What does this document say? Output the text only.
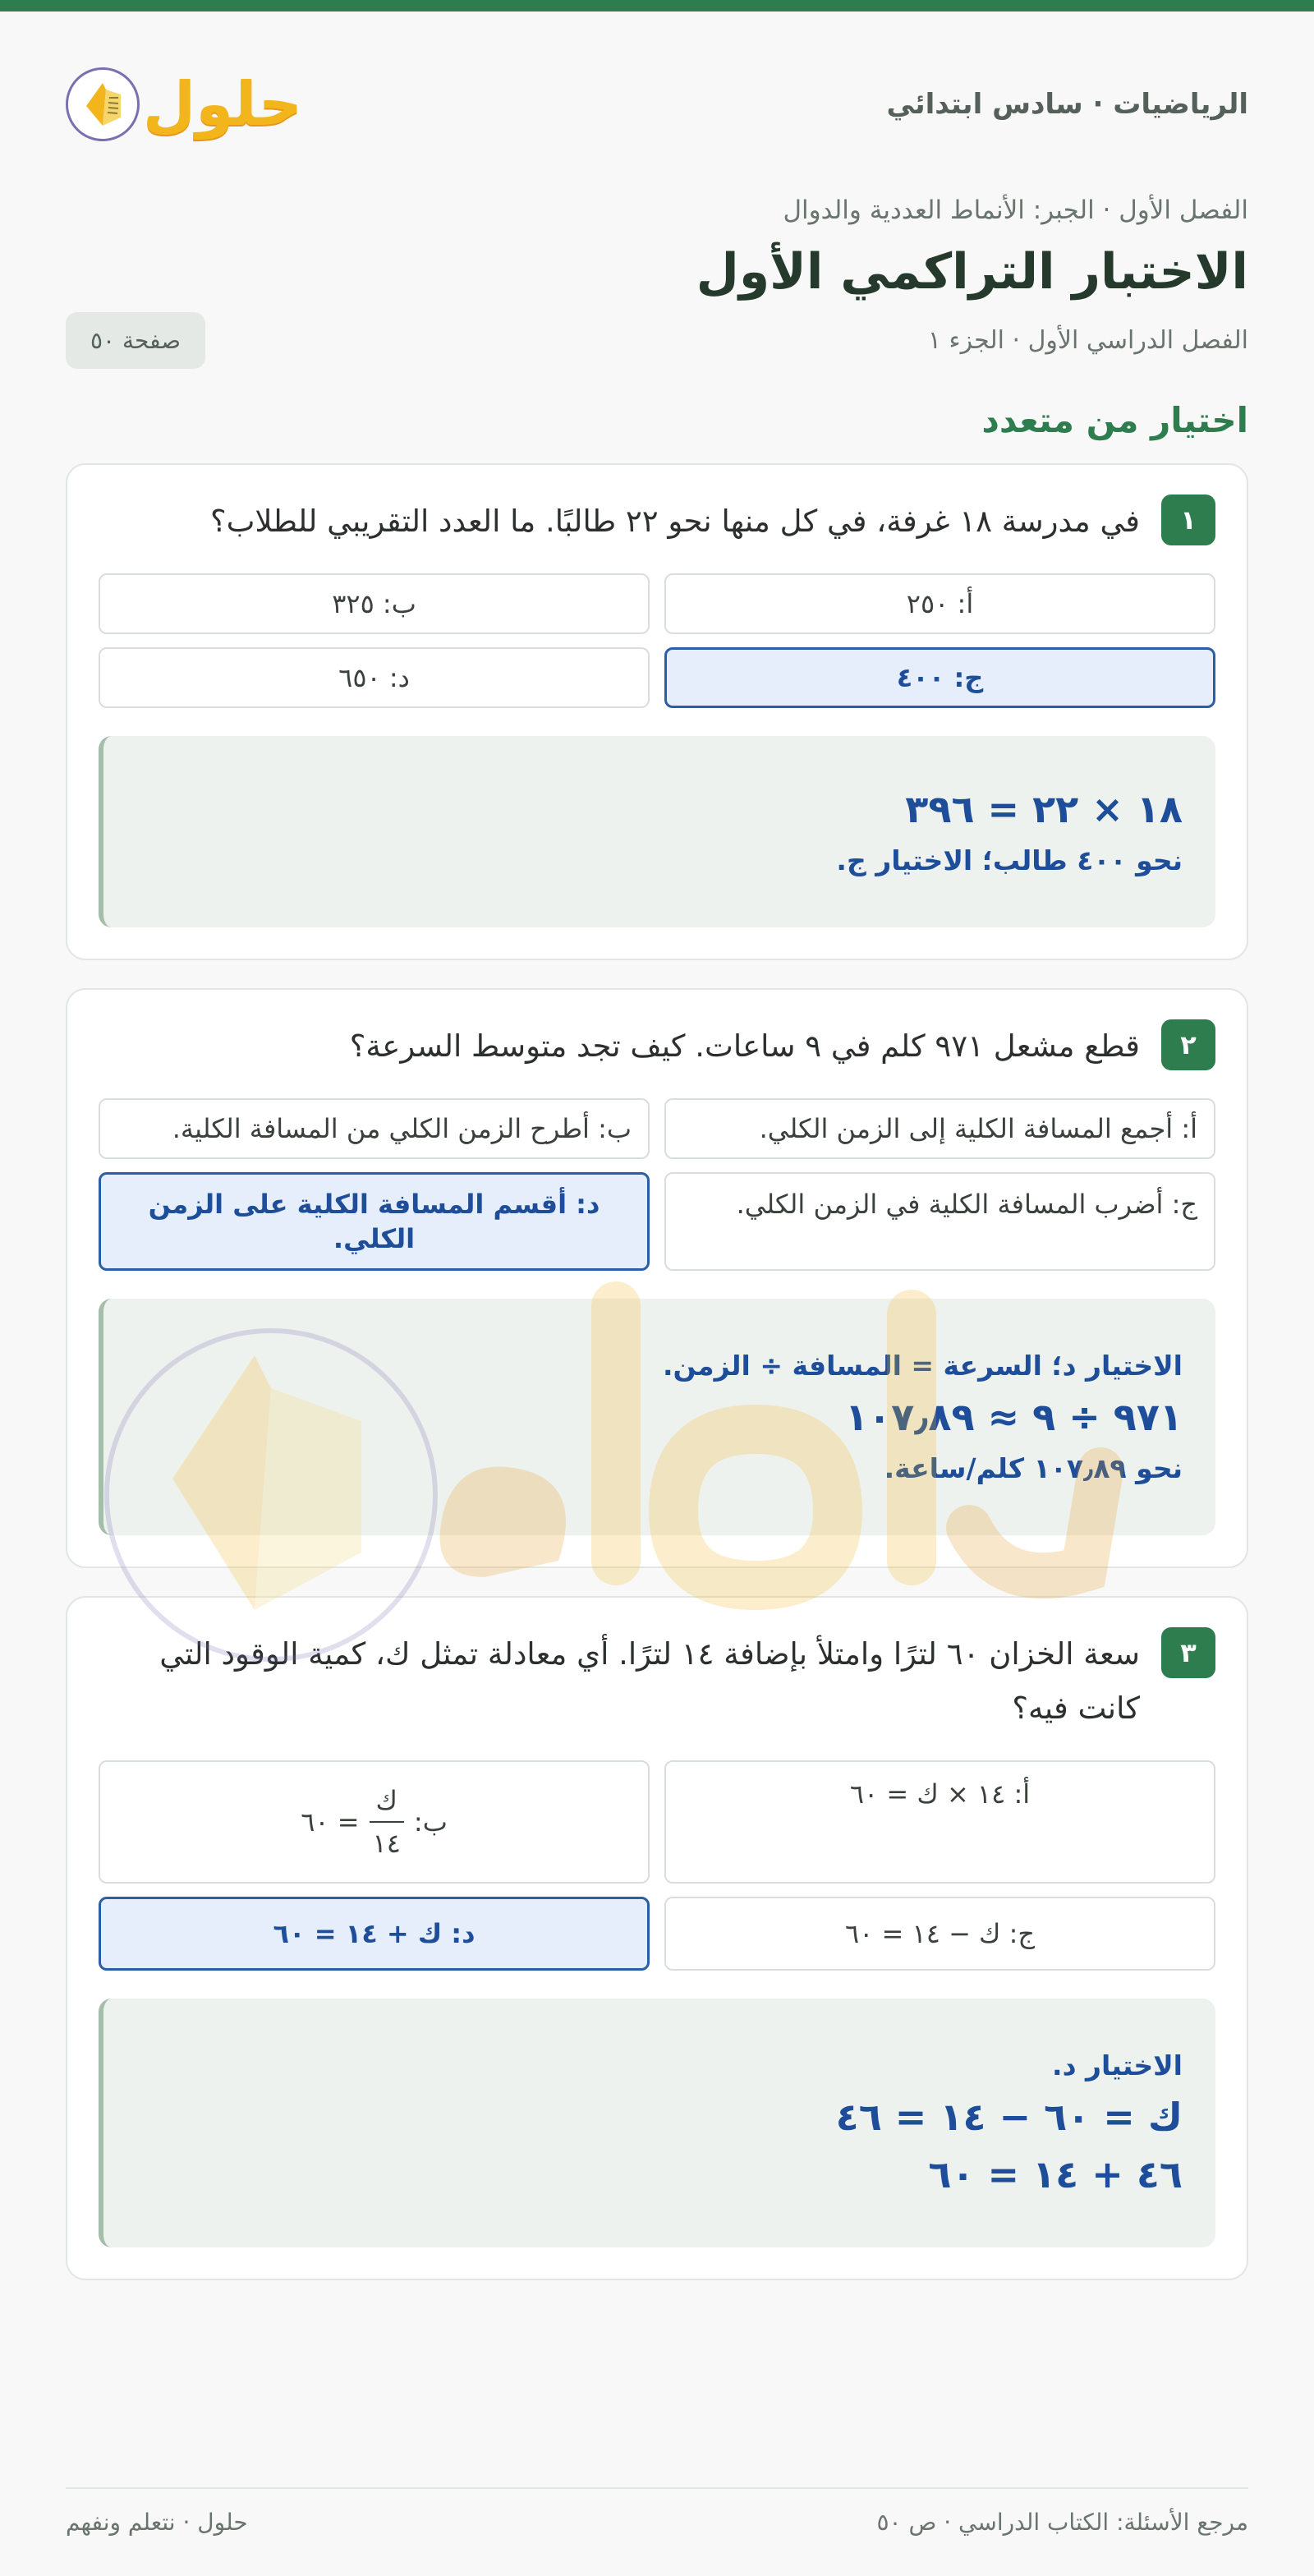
الرياضيات · سادس ابتدائي
حلول
الفصل الأول · الجبر: الأنماط العددية والدوال
الاختبار التراكمي الأول
الفصل الدراسي الأول · الجزء ١
صفحة ٥٠
اختيار من متعدد
١
في مدرسة ١٨ غرفة، في كل منها نحو ٢٢ طالبًا. ما العدد التقريبي للطلاب؟
أ: ٢٥٠
ب: ٣٢٥
ج: ٤٠٠
د: ٦٥٠
١٨ × ٢٢ = ٣٩٦
نحو ٤٠٠ طالب؛ الاختيار ج.
٢
قطع مشعل ٩٧١ كلم في ٩ ساعات. كيف تجد متوسط السرعة؟
أ: أجمع المسافة الكلية إلى الزمن الكلي.
ب: أطرح الزمن الكلي من المسافة الكلية.
ج: أضرب المسافة الكلية في الزمن الكلي.
د: أقسم المسافة الكلية على الزمن الكلي.
الاختيار د؛ السرعة = المسافة ÷ الزمن.
٩٧١ ÷ ٩ ≈ ١٠٧٫٨٩
نحو ١٠٧٫٨٩ كلم/ساعة.
٣
سعة الخزان ٦٠ لترًا وامتلأ بإضافة ١٤ لترًا. أي معادلة تمثل ك، كمية الوقود التي كانت فيه؟
أ: ١٤ × ك = ٦٠
ب:
$\frac{\text{ك}}{١٤}$
= ٦٠
ج: ك − ١٤ = ٦٠
د: ك + ١٤ = ٦٠
الاختيار د.
ك = ٦٠ − ١٤ = ٤٦
٤٦ + ١٤ = ٦٠
مرجع الأسئلة: الكتاب الدراسي · ص ٥٠
حلول · نتعلم ونفهم
